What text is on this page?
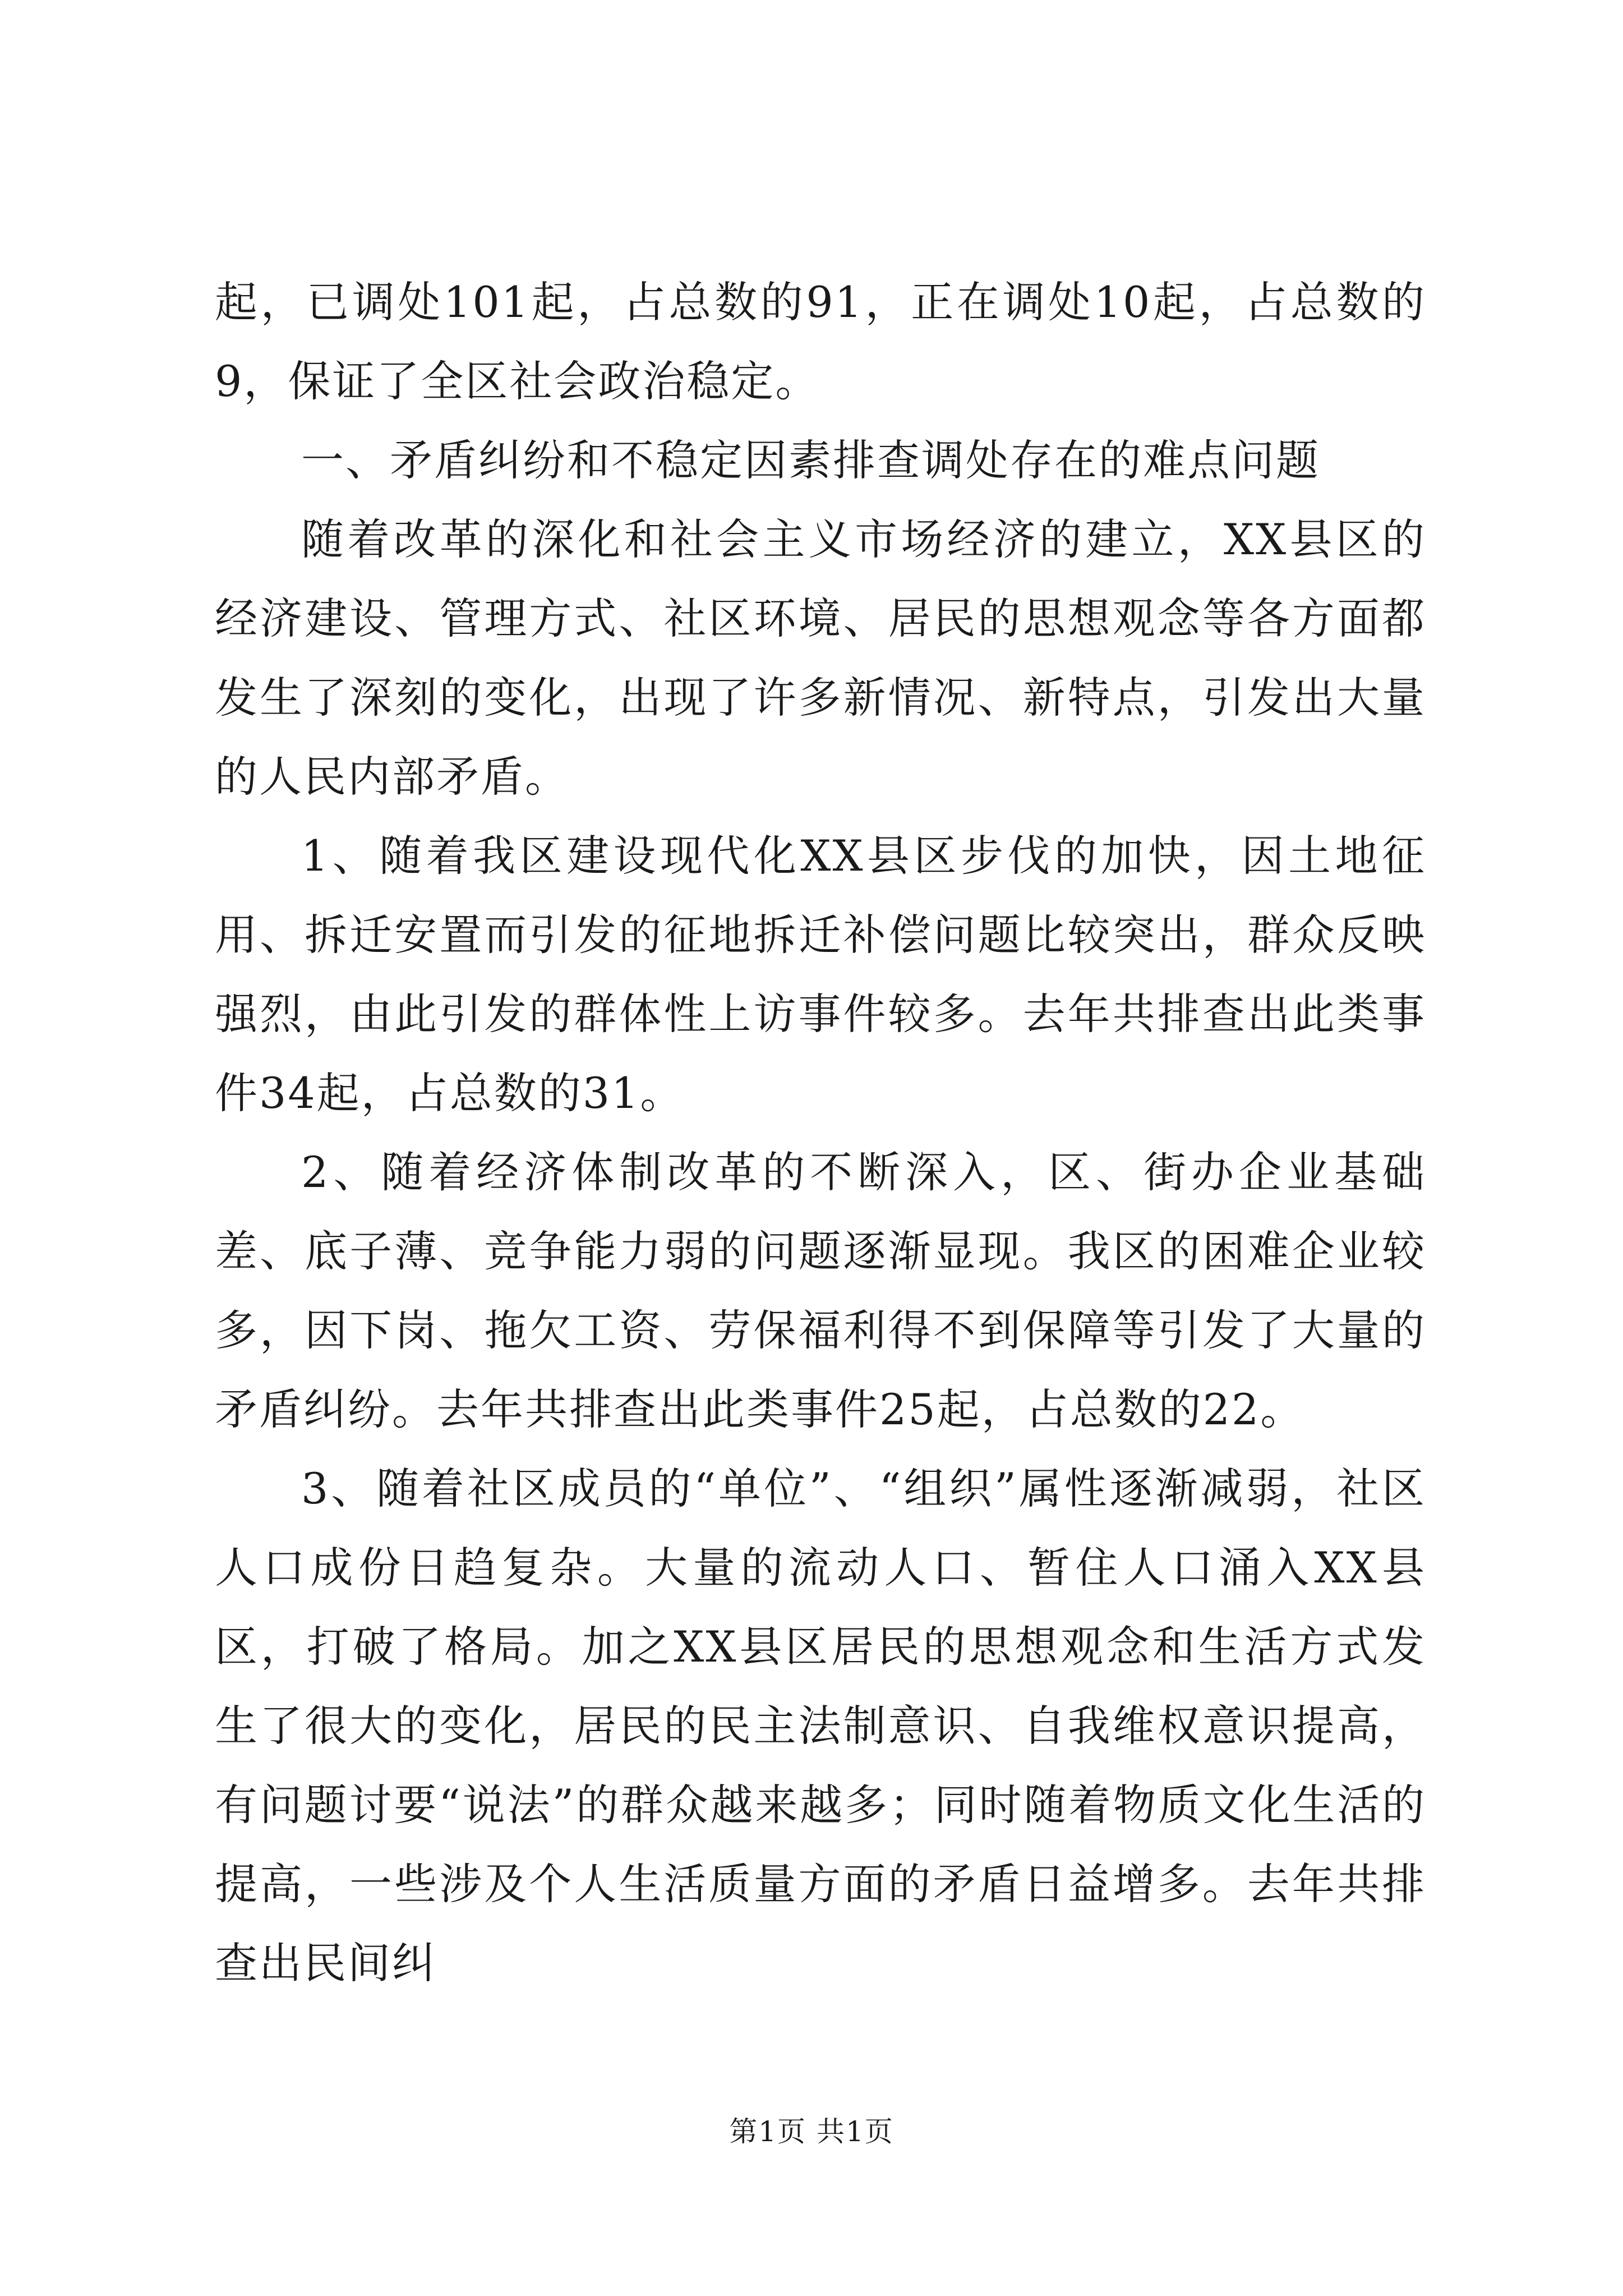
起，已调处101起，占总数的91，正在调处10起，占总数的9，保证了全区社会政治稳定。

一、矛盾纠纷和不稳定因素排查调处存在的难点问题

随着改革的深化和社会主义市场经济的建立，XX县区的经济建设、管理方式、社区环境、居民的思想观念等各方面都发生了深刻的变化，出现了许多新情况、新特点，引发出大量的人民内部矛盾。

1、随着我区建设现代化XX县区步伐的加快，因土地征用、拆迁安置而引发的征地拆迁补偿问题比较突出，群众反映强烈，由此引发的群体性上访事件较多。去年共排查出此类事件34起，占总数的31。

2、随着经济体制改革的不断深入，区、街办企业基础差、底子薄、竞争能力弱的问题逐渐显现。我区的困难企业较多，因下岗、拖欠工资、劳保福利得不到保障等引发了大量的矛盾纠纷。去年共排查出此类事件25起，占总数的22。

3、随着社区成员的“单位”、“组织”属性逐渐减弱，社区人口成份日趋复杂。大量的流动人口、暂住人口涌入XX县区，打破了格局。加之XX县区居民的思想观念和生活方式发生了很大的变化，居民的民主法制意识、自我维权意识提高，有问题讨要“说法”的群众越来越多；同时随着物质文化生活的提高，一些涉及个人生活质量方面的矛盾日益增多。去年共排查出民间纠

第1页 共1页
